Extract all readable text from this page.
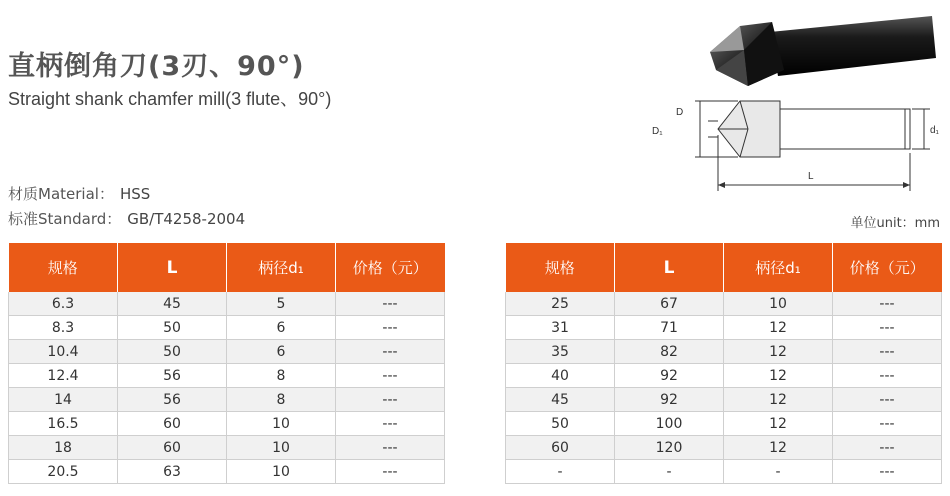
直柄倒角刀(3刃、90°)
Straight shank chamfer mill(3 flute、90°)
材质Material： HSS
标准Standard： GB/T4258-2004	单位unit：mm
D
D₁	d₁
L
规格	L	柄径d₁	价格（元）
6.3	45	5	---
8.3	50	6	---
10.4	50	6	---
12.4	56	8	---
14	56	8	---
16.5	60	10	---
18	60	10	---
20.5	63	10	---
规格	L	柄径d₁	价格（元）
25	67	10	---
31	71	12	---
35	82	12	---
40	92	12	---
45	92	12	---
50	100	12	---
60	120	12	---
-	-	-	---
